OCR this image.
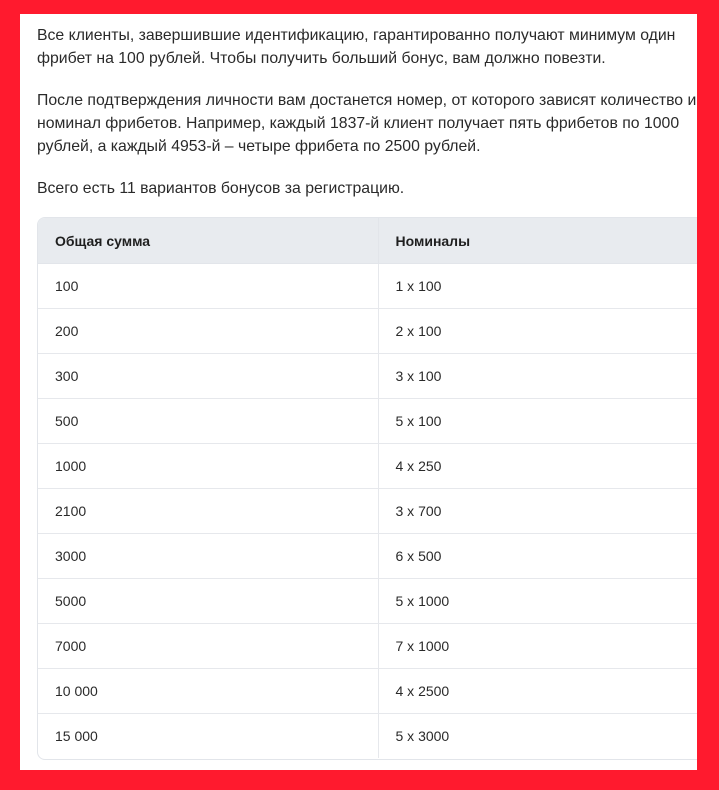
Все клиенты, завершившие идентификацию, гарантированно получают минимум один фрибет на 100 рублей. Чтобы получить больший бонус, вам должно повезти.

После подтверждения личности вам достанется номер, от которого зависят количество и номинал фрибетов. Например, каждый 1837-й клиент получает пять фрибетов по 1000 рублей, а каждый 4953-й – четыре фрибета по 2500 рублей.

Всего есть 11 вариантов бонусов за регистрацию.

Общая сумма	Номиналы
100	1 x 100
200	2 x 100
300	3 x 100
500	5 x 100
1000	4 x 250
2100	3 x 700
3000	6 x 500
5000	5 x 1000
7000	7 x 1000
10 000	4 x 2500
15 000	5 x 3000
